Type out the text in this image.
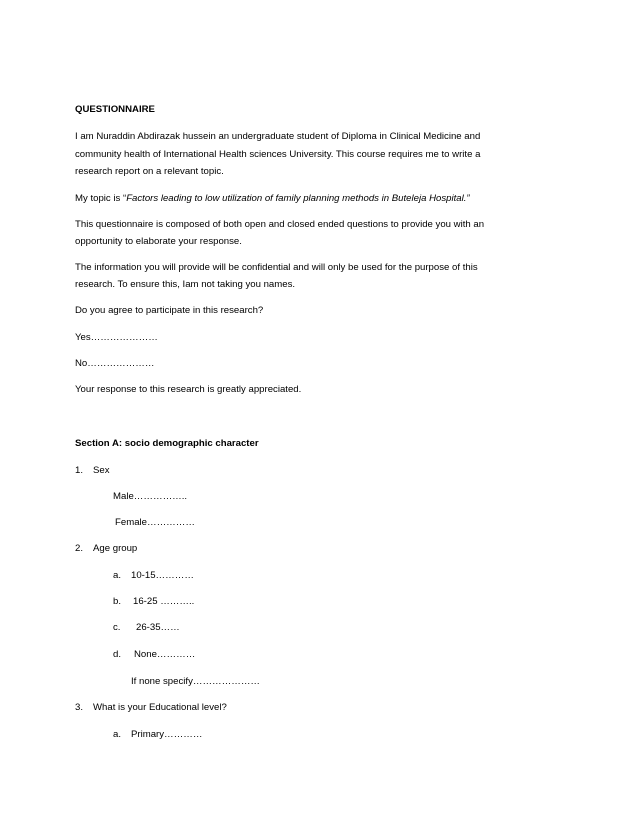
QUESTIONNAIRE
I am Nuraddin Abdirazak hussein an undergraduate student of Diploma in Clinical Medicine and
community health of International Health sciences University. This course requires me to write a
research report on a relevant topic.
My topic is “Factors leading to low utilization of family planning methods in Buteleja Hospital.”
This questionnaire is composed of both open and closed ended questions to provide you with an
opportunity to elaborate your response.
The information you will provide will be confidential and will only be used for the purpose of this
research. To ensure this, Iam not taking you names.
Do you agree to participate in this research?
Yes…………………
No…………………
Your response to this research is greatly appreciated.
Section A: socio demographic character
1. Sex
Male……………..
Female……………
2. Age group
a. 10-15…………
b. 16-25 ………..
c. 26-35……
d. None…………
If none specify…………………
3. What is your Educational level?
a. Primary…………
